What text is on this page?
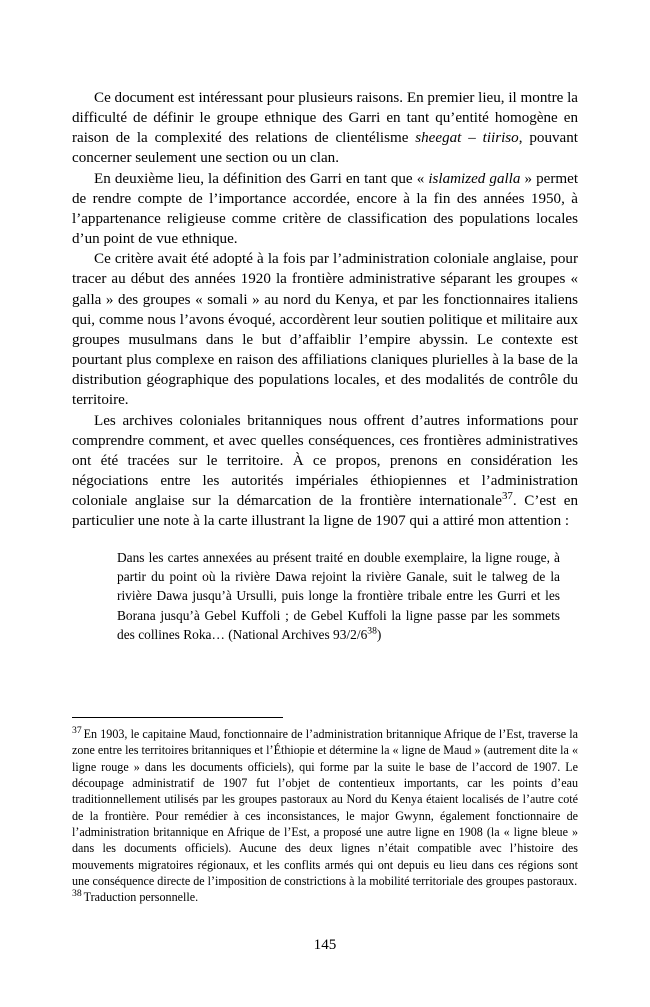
Ce document est intéressant pour plusieurs raisons. En premier lieu, il montre la difficulté de définir le groupe ethnique des Garri en tant qu’entité homogène en raison de la complexité des relations de clientélisme sheegat – tiiriso, pouvant concerner seulement une section ou un clan.

En deuxième lieu, la définition des Garri en tant que « islamized galla » permet de rendre compte de l’importance accordée, encore à la fin des années 1950, à l’appartenance religieuse comme critère de classification des populations locales d’un point de vue ethnique.

Ce critère avait été adopté à la fois par l’administration coloniale anglaise, pour tracer au début des années 1920 la frontière administrative séparant les groupes « galla » des groupes « somali » au nord du Kenya, et par les fonctionnaires italiens qui, comme nous l’avons évoqué, accordèrent leur soutien politique et militaire aux groupes musulmans dans le but d’affaiblir l’empire abyssin. Le contexte est pourtant plus complexe en raison des affiliations claniques plurielles à la base de la distribution géographique des populations locales, et des modalités de contrôle du territoire.

Les archives coloniales britanniques nous offrent d’autres informations pour comprendre comment, et avec quelles conséquences, ces frontières administratives ont été tracées sur le territoire. À ce propos, prenons en considération les négociations entre les autorités impériales éthiopiennes et l’administration coloniale anglaise sur la démarcation de la frontière internationale$^{37}$. C’est en particulier une note à la carte illustrant la ligne de 1907 qui a attiré mon attention :

Dans les cartes annexées au présent traité en double exemplaire, la ligne rouge, à partir du point où la rivière Dawa rejoint la rivière Ganale, suit le talweg de la rivière Dawa jusqu’à Ursulli, puis longe la frontière tribale entre les Gurri et les Borana jusqu’à Gebel Kuffoli ; de Gebel Kuffoli la ligne passe par les sommets des collines Roka… (National Archives $93/2/6^{38}$)

$^{37}$ En 1903, le capitaine Maud, fonctionnaire de l’administration britannique Afrique de l’Est, traverse la zone entre les territoires britanniques et l’Éthiopie et détermine la « ligne de Maud » (autrement dite la « ligne rouge » dans les documents officiels), qui forme par la suite le base de l’accord de 1907. Le découpage administratif de 1907 fut l’objet de contentieux importants, car les points d’eau traditionnellement utilisés par les groupes pastoraux au Nord du Kenya étaient localisés de l’autre coté de la frontière. Pour remédier à ces inconsistances, le major Gwynn, également fonctionnaire de l’administration britannique en Afrique de l’Est, a proposé une autre ligne en 1908 (la « ligne bleue » dans les documents officiels). Aucune des deux lignes n’était compatible avec l’histoire des mouvements migratoires régionaux, et les conflits armés qui ont depuis eu lieu dans ces régions sont une conséquence directe de l’imposition de constrictions à la mobilité territoriale des groupes pastoraux.

$^{38}$ Traduction personnelle.

145
